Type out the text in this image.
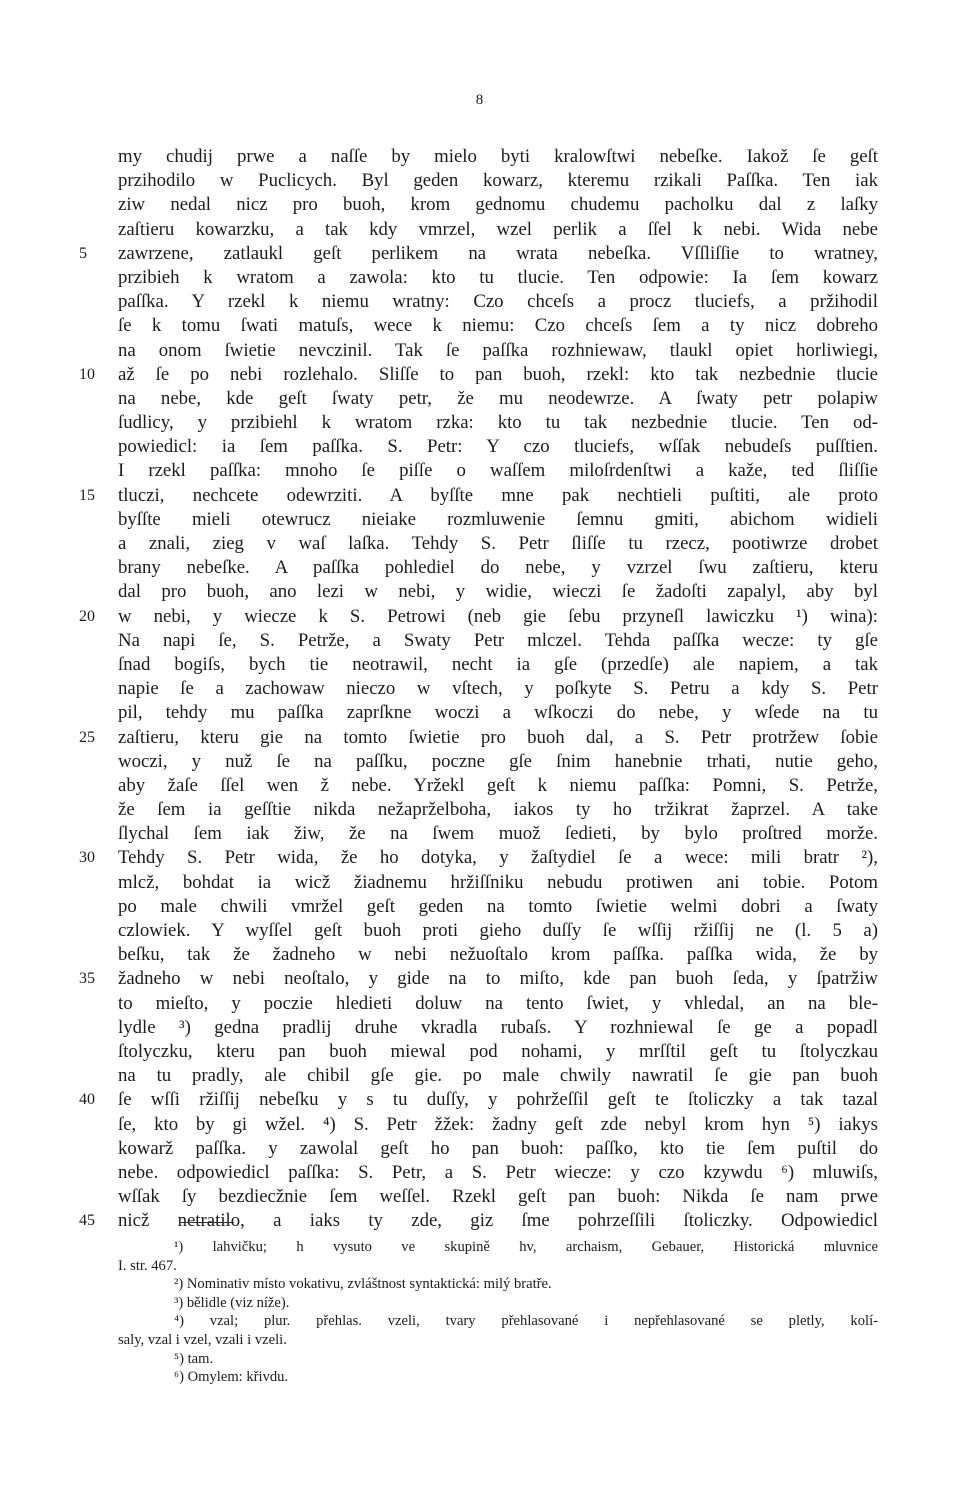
8
my chudij prwe a naſſe by mielo byti kralowſtwi nebeſke. Iakož ſe geſt
przihodilo w Puclicych. Byl geden kowarz, kteremu rzikali Paſſka. Ten iak
ziw nedal nicz pro buoh, krom gednomu chudemu pacholku dal z laſky
zaſtieru kowarzku, a tak kdy vmrzel, wzel perlik a ſſel k nebi. Wida nebe
5	zawrzene, zatlaukl geſt perlikem na wrata nebeſka. Vſſliſſie to wratney,
przibieh k wratom a zawola: kto tu tlucie. Ten odpowie: Ia ſem kowarz
paſſka. Y rzekl k niemu wratny: Czo chceſs a procz tluciefs, a pržihodil
ſe k tomu ſwati matuſs, wece k niemu: Czo chceſs ſem a ty nicz dobreho
na onom ſwietie nevczinil. Tak ſe paſſka rozhniewaw, tlaukl opiet horliwiegi,
10	až ſe po nebi rozlehalo. Sliſſe to pan buoh, rzekl: kto tak nezbednie tlucie
na nebe, kde geſt ſwaty petr, že mu neodewrze. A ſwaty petr polapiw
ſudlicy, y przibiehl k wratom rzka: kto tu tak nezbednie tlucie. Ten od-
powiedicl: ia ſem paſſka. S. Petr: Y czo tluciefs, wſſak nebudeſs puſſtien.
I rzekl paſſka: mnoho ſe piſſe o waſſem miloſrdenſtwi a kaže, ted ſliſſie
15	tluczi, nechcete odewrziti. A byſſte mne pak nechtieli puſtiti, ale proto
byſſte mieli otewrucz nieiake rozmluwenie ſemnu gmiti, abichom widieli
a znali, zieg v waſ laſka. Tehdy S. Petr ſliſſe tu rzecz, pootiwrze drobet
brany nebeſke. A paſſka pohlediel do nebe, y vzrzel ſwu zaſtieru, kteru
dal pro buoh, ano lezi w nebi, y widie, wieczi ſe žadoſti zapalyl, aby byl
20	w nebi, y wiecze k S. Petrowi (neb gie ſebu przyneſl lawiczku ¹) wina):
Na napi ſe, S. Petrže, a Swaty Petr mlczel. Tehda paſſka wecze: ty gſe
ſnad bogiſs, bych tie neotrawil, necht ia gſe (przedſe) ale napiem, a tak
napie ſe a zachowaw nieczo w vſtech, y poſkyte S. Petru a kdy S. Petr
pil, tehdy mu paſſka zaprſkne woczi a wſkoczi do nebe, y wſede na tu
25	zaſtieru, kteru gie na tomto ſwietie pro buoh dal, a S. Petr protržew ſobie
woczi, y nuž ſe na paſſku, poczne gſe ſnim hanebnie trhati, nutie geho,
aby žaſe ſſel wen ž nebe. Yržekl geſt k niemu paſſka: Pomni, S. Petrže,
že ſem ia geſſtie nikda nežaprželboha, iakos ty ho tržikrat žaprzel. A take
ſlychal ſem iak žiw, že na ſwem muož ſedieti, by bylo proſtred morže.
30	Tehdy S. Petr wida, že ho dotyka, y žaſtydiel ſe a wece: mili bratr ²),
mlcž, bohdat ia wicž žiadnemu hržiſſniku nebudu protiwen ani tobie. Potom
po male chwili vmržel geſt geden na tomto ſwietie welmi dobri a ſwaty
czlowiek. Y wyſſel geſt buoh proti gieho duſſy ſe wſſij ržiſſij ne (l. 5 a)
beſku, tak že žadneho w nebi nežuoſtalo krom paſſka. paſſka wida, že by
35	žadneho w nebi neoſtalo, y gide na to miſto, kde pan buoh ſeda, y ſpatržiw
to mieſto, y poczie hledieti doluw na tento ſwiet, y vhledal, an na ble-
lydle ³) gedna pradlij druhe vkradla rubaſs. Y rozhniewal ſe ge a popadl
ſtolyczku, kteru pan buoh miewal pod nohami, y mrſſtil geſt tu ſtolyczkau
na tu pradly, ale chibil gſe gie. po male chwily nawratil ſe gie pan buoh
40	ſe wſſi ržiſſij nebeſku y s tu duſſy, y pohržeſſil geſt te ſtoliczky a tak tazal
ſe, kto by gi wžel. ⁴) S. Petr žžek: žadny geſt zde nebyl krom hyn ⁵) iakys
kowarž paſſka. y zawolal geſt ho pan buoh: paſſko, kto tie ſem puſtil do
nebe. odpowiedicl paſſka: S. Petr, a S. Petr wiecze: y czo kzywdu ⁶) mluwiſs,
wſſak ſy bezdiecžnie ſem weſſel. Rzekl geſt pan buoh: Nikda ſe nam prwe
45	nicž netratilo, a iaks ty zde, giz ſme pohrzeſſili ſtoliczky. Odpowiedicl
¹) lahvičku; h vysuto ve skupině hv, archaism, Gebauer, Historická mluvnice
I. str. 467.
²) Nominativ místo vokativu, zvláštnost syntaktická: milý bratře.
³) bělidle (viz níže).
⁴) vzal; plur. přehlas. vzeli, tvary přehlasované i nepřehlasované se pletly, kolí-
saly, vzal i vzel, vzali i vzeli.
⁵) tam.
⁶) Omylem: křivdu.
